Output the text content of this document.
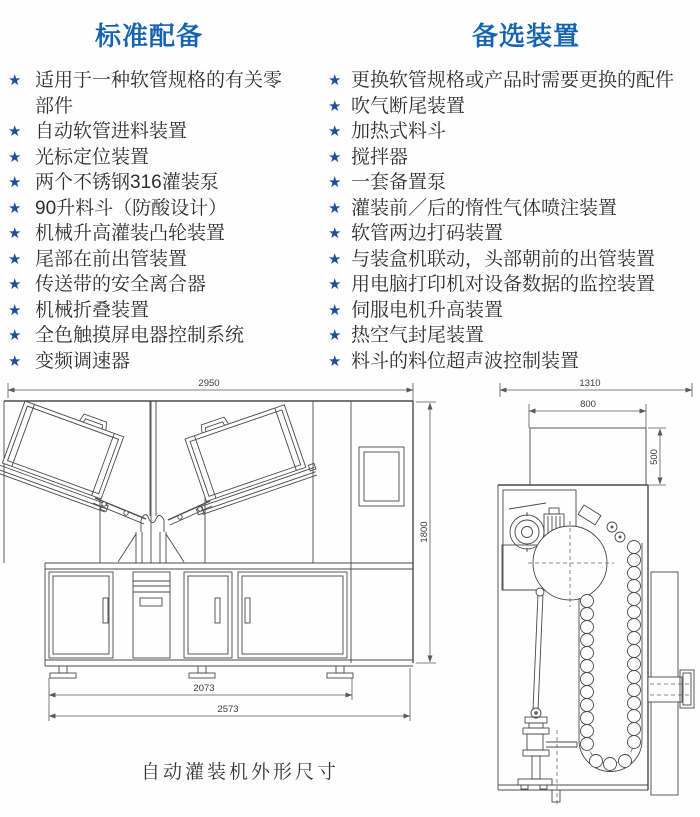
标准配备
★ 适用于一种软管规格的有关零部件
★ 自动软管进料装置
★ 光标定位装置
★ 两个不锈钢316灌装泵
★ 90升料斗（防酸设计）
★ 机械升高灌装凸轮装置
★ 尾部在前出管装置
★ 传送带的安全离合器
★ 机械折叠装置
★ 全色触摸屏电器控制系统
★ 变频调速器
备选装置
★ 更换软管规格或产品时需要更换的配件
★ 吹气断尾装置
★ 加热式料斗
★ 搅拌器
★ 一套备置泵
★ 灌装前／后的惰性气体喷注装置
★ 软管两边打码装置
★ 与装盒机联动，头部朝前的出管装置
★ 用电脑打印机对设备数据的监控装置
★ 伺服电机升高装置
★ 热空气封尾装置
★ 料斗的料位超声波控制装置
2950
1800
2073
2573
1310
800
500
自动灌装机外形尺寸
